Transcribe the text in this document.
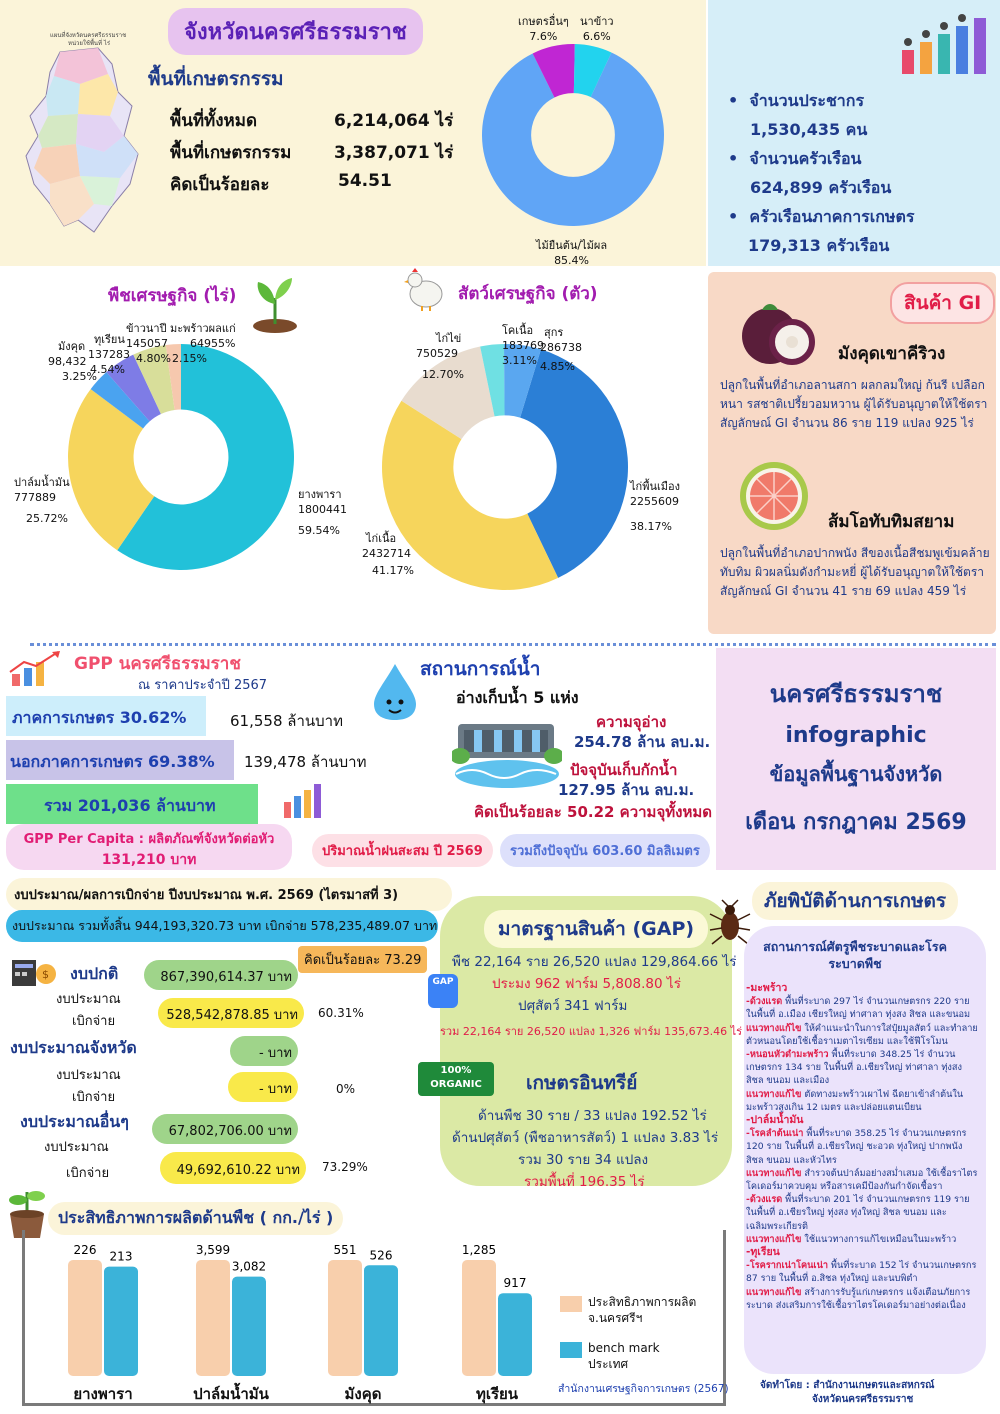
แผนที่จังหวัดนครศรีธรรมราช
หน่วยใช้พื้นที่ ไร่	จังหวัดนครศรีธรรมราช
พื้นที่เกษตรกรรม
พื้นที่ทั้งหมด	6,214,064 ไร่
พื้นที่เกษตรกรรม	3,387,071 ไร่
คิดเป็นร้อยละ	54.51
เกษตรอื่นๆ
7.6%
นาข้าว
6.6%
ไม้ยืนต้น/ไม้ผล
85.4%
•  จำนวนประชากร
1,530,435 คน
•  จำนวนครัวเรือน
624,899 ครัวเรือน
•  ครัวเรือนภาคการเกษตร
179,313 ครัวเรือน
พืชเศรษฐกิจ (ไร่)
ยางพารา
1800441
59.54%
ปาล์มน้ำมัน
777889
25.72%
มังคุด
98,432
3.25%
ทุเรียน
137283
4.54%
ข้าวนาปี
145057
4.80%
มะพร้าวผลแก่
64955%
2.15%
สัตว์เศรษฐกิจ (ตัว)
ไก่พื้นเมือง
2255609
38.17%
ไก่เนื้อ
2432714
41.17%
ไก่ไข่
750529
12.70%
โคเนื้อ
183769
3.11%
สุกร
286738
4.85%
สินค้า GI
มังคุดเขาคีริวง
ปลูกในพื้นที่อำเภอลานสกา ผลกลมใหญ่ ก้นรี เปลือกหนา รสชาติเปรี้ยวอมหวาน ผู้ได้รับอนุญาตให้ใช้ตราสัญลักษณ์ GI จำนวน 86 ราย 119 แปลง 925 ไร่
ส้มโอทับทิมสยาม
ปลูกในพื้นที่อำเภอปากพนัง สีของเนื้อสีชมพูเข้มคล้ายทับทิม ผิวผลนิ่มดังกำมะหยี่ ผู้ได้รับอนุญาตให้ใช้ตราสัญลักษณ์ GI จำนวน 41 ราย 69 แปลง 459 ไร่
GPP นครศรีธรรมราช
ณ ราคาประจำปี 2567
ภาคการเกษตร 30.62%	61,558 ล้านบาท
นอกภาคการเกษตร 69.38% 139,478 ล้านบาท
รวม 201,036 ล้านบาท
GPP Per Capita : ผลิตภัณฑ์จังหวัดต่อหัว
131,210 บาท
สถานการณ์น้ำ
อ่างเก็บน้ำ 5 แห่ง
ความจุอ่าง
254.78 ล้าน ลบ.ม.
ปัจจุบันเก็บกักน้ำ
127.95 ล้าน ลบ.ม.
คิดเป็นร้อยละ 50.22 ความจุทั้งหมด
ปริมาณน้ำฝนสะสม ปี 2569	รวมถึงปัจจุบัน 603.60 มิลลิเมตร
นครศรีธรรมราช
infographic
ข้อมูลพื้นฐานจังหวัด
เดือน กรกฎาคม 2569
งบประมาณ/ผลการเบิกจ่าย ปีงบประมาณ พ.ศ. 2569 (ไตรมาสที่ 3)
งบประมาณ รวมทั้งสิ้น 944,193,320.73 บาท เบิกจ่าย 578,235,489.07 บาท
คิดเป็นร้อยละ 73.29
$ งบปกติ
งบประมาณ
เบิกจ่าย
867,390,614.37 บาท
528,542,878.85 บาท	60.31%
งบประมาณจังหวัด
งบประมาณ
เบิกจ่าย
- บาท
- บาท	0%
งบประมาณอื่นๆ
งบประมาณ
เบิกจ่าย
67,802,706.00 บาท
49,692,610.22 บาท	73.29%
มาตรฐานสินค้า (GAP)
พืช 22,164 ราย 26,520 แปลง 129,864.66 ไร่
ประมง 962 ฟาร์ม 5,808.80 ไร่
ปศุสัตว์ 341 ฟาร์ม
รวม 22,164 ราย 26,520 แปลง 1,326 ฟาร์ม 135,673.46 ไร่
GAP
100% ORGANIC	เกษตรอินทรีย์
ด้านพืช 30 ราย / 33 แปลง 192.52 ไร่
ด้านปศุสัตว์ (พืชอาหารสัตว์) 1 แปลง 3.83 ไร่
รวม 30 ราย 34 แปลง
รวมพื้นที่ 196.35 ไร่
ภัยพิบัติด้านการเกษตร
สถานการณ์ศัตรูพืชระบาดและโรคระบาดพืช
-มะพร้าว
-ด้วงแรด พื้นที่ระบาด 297 ไร่ จำนวนเกษตรกร 220 ราย ในพื้นที่ อ.เมือง เชียรใหญ่ ท่าศาลา ทุ่งสง สิชล และขนอม
แนวทางแก้ไข ให้คำแนะนำในการใส่ปุ๋ยมูลสัตว์ และทำลายตัวหนอนโดยใช้เชื้อราเมตาไรเซียม และใช้ฟีโรโมน
-หนอนหัวดำมะพร้าว พื้นที่ระบาด 348.25 ไร่ จำนวนเกษตรกร 134 ราย ในพื้นที่ อ.เชียรใหญ่ ท่าศาลา ทุ่งสง สิชล ขนอม และเมือง
แนวทางแก้ไข ตัดทางมะพร้าวเผาไฟ ฉีดยาเข้าลำต้นในมะพร้าวสูงเกิน 12 เมตร และปล่อยแตนเบียน
-ปาล์มน้ำมัน
-โรคลำต้นเน่า พื้นที่ระบาด 358.25 ไร่ จำนวนเกษตรกร 120 ราย ในพื้นที่ อ.เชียรใหญ่ ชะอวด ทุ่งใหญ่ ปากพนัง สิชล ขนอม และหัวไทร
แนวทางแก้ไข สำรวจต้นปาล์มอย่างสม่ำเสมอ ใช้เชื้อราไตรโคเดอร์มาควบคุม หรือสารเคมีป้องกันกำจัดเชื้อรา
-ด้วงแรด พื้นที่ระบาด 201 ไร่ จำนวนเกษตรกร 119 ราย ในพื้นที่ อ.เชียรใหญ่ ทุ่งสง ทุ่งใหญ่ สิชล ขนอม และเฉลิมพระเกียรติ
แนวทางแก้ไข ใช้แนวทางการแก้ไขเหมือนในมะพร้าว
-ทุเรียน
-โรครากเน่าโคนเน่า พื้นที่ระบาด 152 ไร่ จำนวนเกษตรกร 87 ราย ในพื้นที่ อ.สิชล ทุ่งใหญ่ และนบพิตำ
แนวทางแก้ไข สร้างการรับรู้แก่เกษตรกร แจ้งเตือนภัยการระบาด ส่งเสริมการใช้เชื้อราไตรโคเดอร์มาอย่างต่อเนื่อง
จัดทำโดย : สำนักงานเกษตรและสหกรณ์
จังหวัดนครศรีธรรมราช
ประสิทธิภาพการผลิตด้านพืช ( กก./ไร่ )
226 213	3,599
3,082
551 526	1,285
917
ยางพารา	ปาล์มน้ำมัน	มังคุด	ทุเรียน
ประสิทธิภาพการผลิต
จ.นครศรีฯ
bench mark
ประเทศ
สำนักงานเศรษฐกิจการเกษตร (2567)
